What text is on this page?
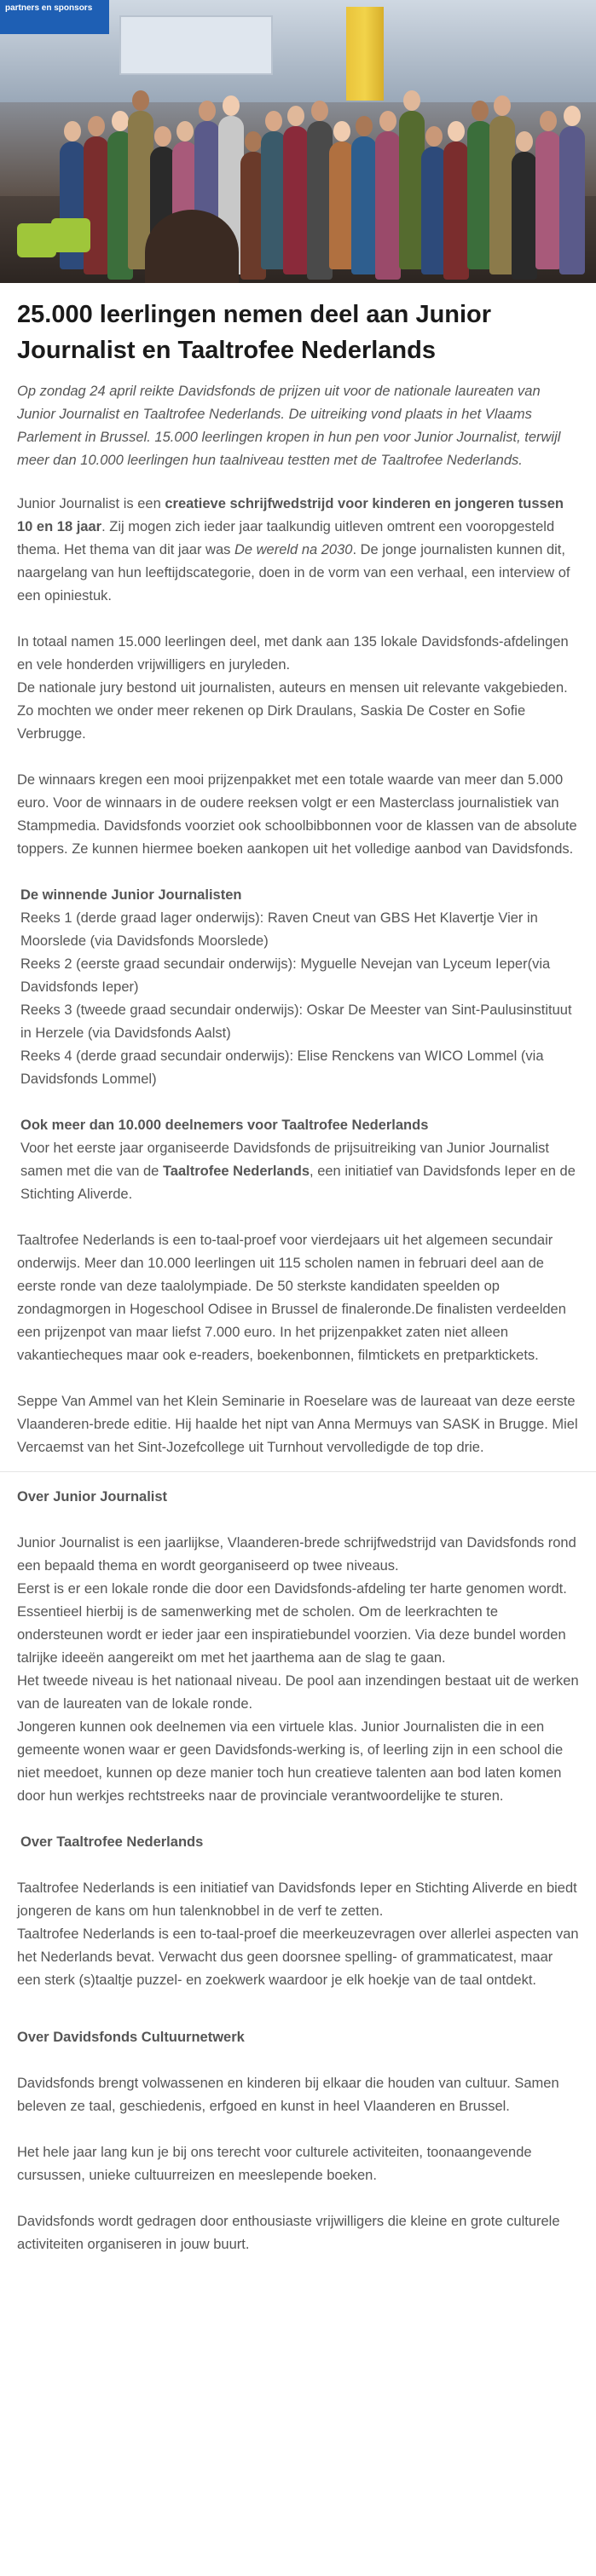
partners en sponsors
25.000 leerlingen nemen deel aan Junior Journalist en Taaltrofee Nederlands

Op zondag 24 april reikte Davidsfonds de prijzen uit voor de nationale laureaten van Junior Journalist en Taaltrofee Nederlands. De uitreiking vond plaats in het Vlaams Parlement in Brussel. 15.000 leerlingen kropen in hun pen voor Junior Journalist, terwijl meer dan 10.000 leerlingen hun taalniveau testten met de Taaltrofee Nederlands.

Junior Journalist is een creatieve schrijfwedstrijd voor kinderen en jongeren tussen 10 en 18 jaar. Zij mogen zich ieder jaar taalkundig uitleven omtrent een vooropgesteld thema. Het thema van dit jaar was De wereld na 2030. De jonge journalisten kunnen dit, naargelang van hun leeftijdscategorie, doen in de vorm van een verhaal, een interview of een opiniestuk.

In totaal namen 15.000 leerlingen deel, met dank aan 135 lokale Davidsfonds-afdelingen en vele honderden vrijwilligers en juryleden.
De nationale jury bestond uit journalisten, auteurs en mensen uit relevante vakgebieden. Zo mochten we onder meer rekenen op Dirk Draulans, Saskia De Coster en Sofie Verbrugge.

De winnaars kregen een mooi prijzenpakket met een totale waarde van meer dan 5.000 euro. Voor de winnaars in de oudere reeksen volgt er een Masterclass journalistiek van Stampmedia. Davidsfonds voorziet ook schoolbibbonnen voor de klassen van de absolute toppers. Ze kunnen hiermee boeken aankopen uit het volledige aanbod van Davidsfonds.

De winnende Junior Journalisten
Reeks 1 (derde graad lager onderwijs): Raven Cneut van GBS Het Klavertje Vier in Moorslede (via Davidsfonds Moorslede)
Reeks 2 (eerste graad secundair onderwijs): Myguelle Nevejan van Lyceum Ieper(via Davidsfonds Ieper)
Reeks 3 (tweede graad secundair onderwijs): Oskar De Meester van Sint-Paulusinstituut in Herzele (via Davidsfonds Aalst)
Reeks 4 (derde graad secundair onderwijs): Elise Renckens van WICO Lommel (via Davidsfonds Lommel)
Ook meer dan 10.000 deelnemers voor Taaltrofee Nederlands
Voor het eerste jaar organiseerde Davidsfonds de prijsuitreiking van Junior Journalist samen met die van de Taaltrofee Nederlands, een initiatief van Davidsfonds Ieper en de Stichting Aliverde.

Taaltrofee Nederlands is een to-taal-proef voor vierdejaars uit het algemeen secundair onderwijs. Meer dan 10.000 leerlingen uit 115 scholen namen in februari deel aan de eerste ronde van deze taalolympiade. De 50 sterkste kandidaten speelden op zondagmorgen in Hogeschool Odisee in Brussel de finaleronde.De finalisten verdeelden een prijzenpot van maar liefst 7.000 euro. In het prijzenpakket zaten niet alleen vakantiecheques maar ook e-readers, boekenbonnen, filmtickets en pretparktickets.

Seppe Van Ammel van het Klein Seminarie in Roeselare was de laureaat van deze eerste Vlaanderen-brede editie. Hij haalde het nipt van Anna Mermuys van SASK in Brugge. Miel Vercaemst van het Sint-Jozefcollege uit Turnhout vervolledigde de top drie.

Over Junior Journalist
Junior Journalist is een jaarlijkse, Vlaanderen-brede schrijfwedstrijd van Davidsfonds rond een bepaald thema en wordt georganiseerd op twee niveaus.
Eerst is er een lokale ronde die door een Davidsfonds-afdeling ter harte genomen wordt. Essentieel hierbij is de samenwerking met de scholen. Om de leerkrachten te ondersteunen wordt er ieder jaar een inspiratiebundel voorzien. Via deze bundel worden talrijke ideeën aangereikt om met het jaarthema aan de slag te gaan.
Het tweede niveau is het nationaal niveau. De pool aan inzendingen bestaat uit de werken van de laureaten van de lokale ronde.
Jongeren kunnen ook deelnemen via een virtuele klas. Junior Journalisten die in een gemeente wonen waar er geen Davidsfonds-werking is, of leerling zijn in een school die niet meedoet, kunnen op deze manier toch hun creatieve talenten aan bod laten komen door hun werkjes rechtstreeks naar de provinciale verantwoordelijke te sturen.
Over Taaltrofee Nederlands
Taaltrofee Nederlands is een initiatief van Davidsfonds Ieper en Stichting Aliverde en biedt jongeren de kans om hun talenknobbel in de verf te zetten.
Taaltrofee Nederlands is een to-taal-proef die meerkeuzevragen over allerlei aspecten van het Nederlands bevat. Verwacht dus geen doorsnee spelling- of grammaticatest, maar een sterk (s)taaltje puzzel- en zoekwerk waardoor je elk hoekje van de taal ontdekt.
Over Davidsfonds Cultuurnetwerk

Davidsfonds brengt volwassenen en kinderen bij elkaar die houden van cultuur. Samen beleven ze taal, geschiedenis, erfgoed en kunst in heel Vlaanderen en Brussel.

Het hele jaar lang kun je bij ons terecht voor culturele activiteiten, toonaangevende cursussen, unieke cultuurreizen en meeslepende boeken.

Davidsfonds wordt gedragen door enthousiaste vrijwilligers die kleine en grote culturele activiteiten organiseren in jouw buurt.
